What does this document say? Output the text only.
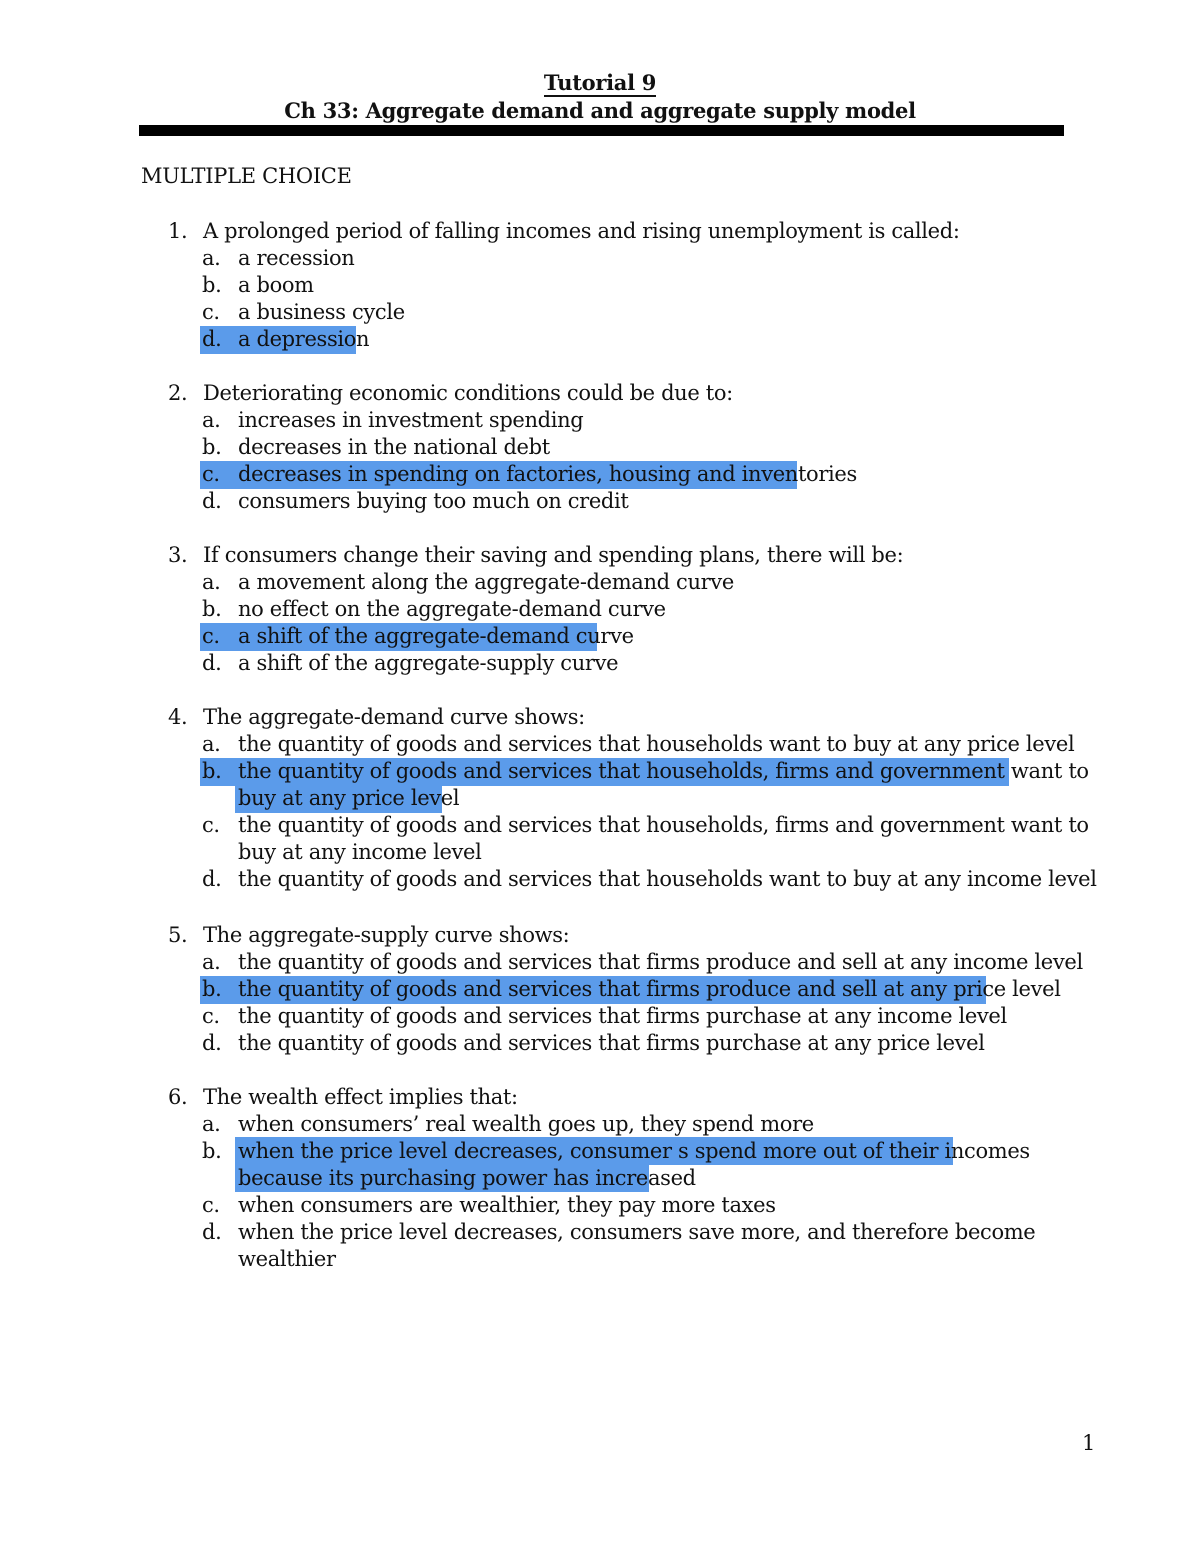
Tutorial 9
Ch 33: Aggregate demand and aggregate supply model
MULTIPLE CHOICE
1. A prolonged period of falling incomes and rising unemployment is called:
a. a recession
b. a boom
c. a business cycle
d. a depression
2. Deteriorating economic conditions could be due to:
a. increases in investment spending
b. decreases in the national debt
c. decreases in spending on factories, housing and inventories
d. consumers buying too much on credit
3. If consumers change their saving and spending plans, there will be:
a. a movement along the aggregate-demand curve
b. no effect on the aggregate-demand curve
c. a shift of the aggregate-demand curve
d. a shift of the aggregate-supply curve
4. The aggregate-demand curve shows:
a. the quantity of goods and services that households want to buy at any price level
b. the quantity of goods and services that households, firms and government want to
buy at any price level
c. the quantity of goods and services that households, firms and government want to
buy at any income level
d. the quantity of goods and services that households want to buy at any income level
5. The aggregate-supply curve shows:
a. the quantity of goods and services that firms produce and sell at any income level
b. the quantity of goods and services that firms produce and sell at any price level
c. the quantity of goods and services that firms purchase at any income level
d. the quantity of goods and services that firms purchase at any price level
6. The wealth effect implies that:
a. when consumers’ real wealth goes up, they spend more
b. when the price level decreases, consumer s spend more out of their incomes
because its purchasing power has increased
c. when consumers are wealthier, they pay more taxes
d. when the price level decreases, consumers save more, and therefore become
wealthier
1
